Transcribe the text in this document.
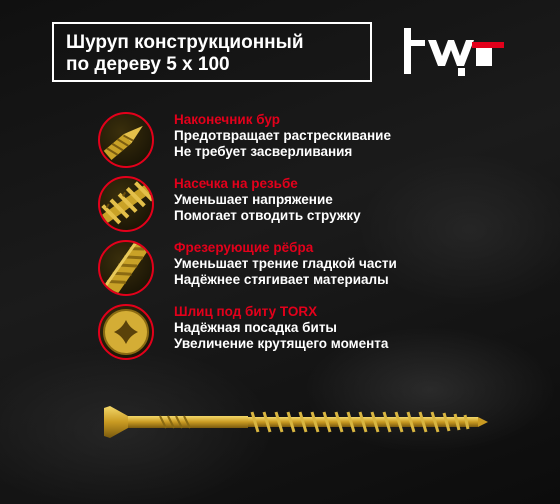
Шуруп конструкционный
по дереву 5 х 100
Наконечник бур
Предотвращает растрескивание
Не требует засверливания
Насечка на резьбе
Уменьшает напряжение
Помогает отводить стружку
Фрезерующие рёбра
Уменьшает трение гладкой части
Надёжнее стягивает материалы
Шлиц под биту TORX
Надёжная посадка биты
Увеличение крутящего момента
